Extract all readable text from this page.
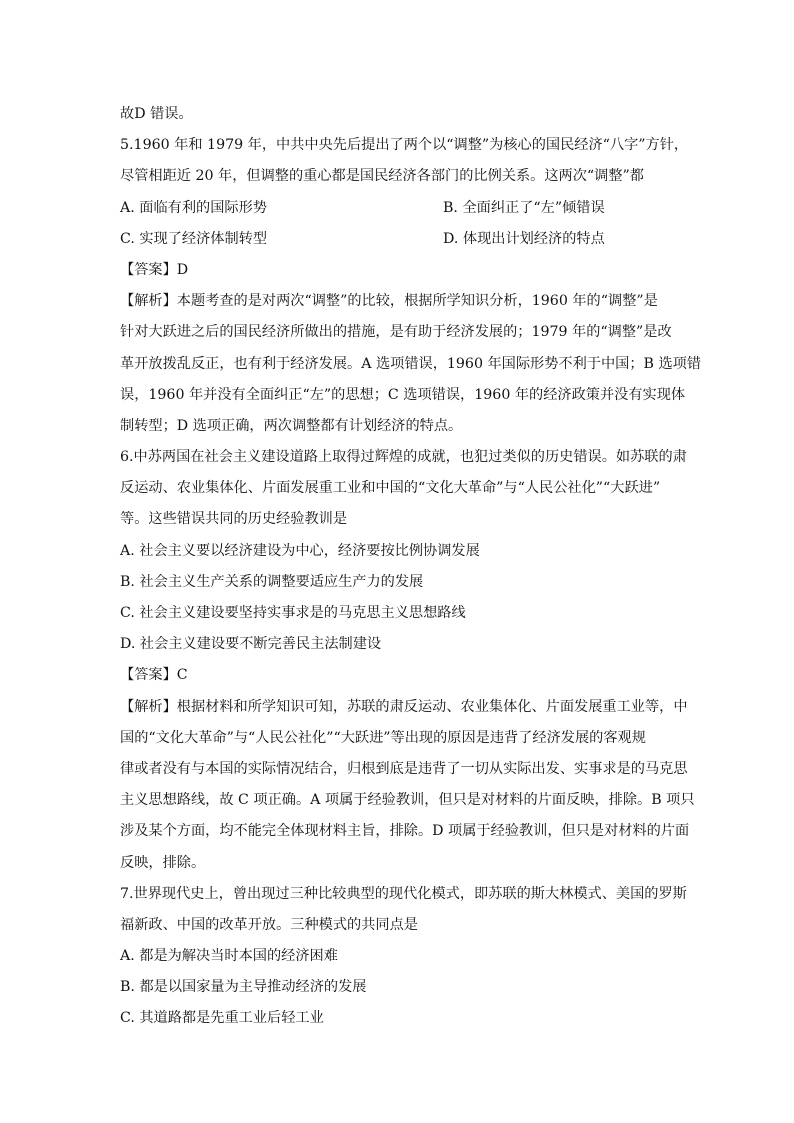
故D 错误。
5.1960 年和 1979 年，中共中央先后提出了两个以“调整”为核心的国民经济“八字”方针，
尽管相距近 20 年，但调整的重心都是国民经济各部门的比例关系。这两次“调整”都
A. 面临有利的国际形势	B. 全面纠正了“左”倾错误
C. 实现了经济体制转型	D. 体现出计划经济的特点
【答案】D
【解析】本题考查的是对两次“调整”的比较，根据所学知识分析，1960 年的“调整”是
针对大跃进之后的国民经济所做出的措施，是有助于经济发展的；1979 年的“调整”是改
革开放拨乱反正，也有利于经济发展。A 选项错误，1960 年国际形势不利于中国；B 选项错
误，1960 年并没有全面纠正“左”的思想；C 选项错误，1960 年的经济政策并没有实现体
制转型；D 选项正确，两次调整都有计划经济的特点。
6.中苏两国在社会主义建设道路上取得过辉煌的成就，也犯过类似的历史错误。如苏联的肃
反运动、农业集体化、片面发展重工业和中国的“文化大革命”与“人民公社化”“大跃进”
等。这些错误共同的历史经验教训是
A. 社会主义要以经济建设为中心，经济要按比例协调发展
B. 社会主义生产关系的调整要适应生产力的发展
C. 社会主义建设要坚持实事求是的马克思主义思想路线
D. 社会主义建设要不断完善民主法制建设
【答案】C
【解析】根据材料和所学知识可知，苏联的肃反运动、农业集体化、片面发展重工业等，中
国的“文化大革命”与“人民公社化”“大跃进”等出现的原因是违背了经济发展的客观规
律或者没有与本国的实际情况结合，归根到底是违背了一切从实际出发、实事求是的马克思
主义思想路线，故 C 项正确。A 项属于经验教训，但只是对材料的片面反映，排除。B 项只
涉及某个方面，均不能完全体现材料主旨，排除。D 项属于经验教训，但只是对材料的片面
反映，排除。
7.世界现代史上，曾出现过三种比较典型的现代化模式，即苏联的斯大林模式、美国的罗斯
福新政、中国的改革开放。三种模式的共同点是
A. 都是为解决当时本国的经济困难
B. 都是以国家量为主导推动经济的发展
C. 其道路都是先重工业后轻工业
